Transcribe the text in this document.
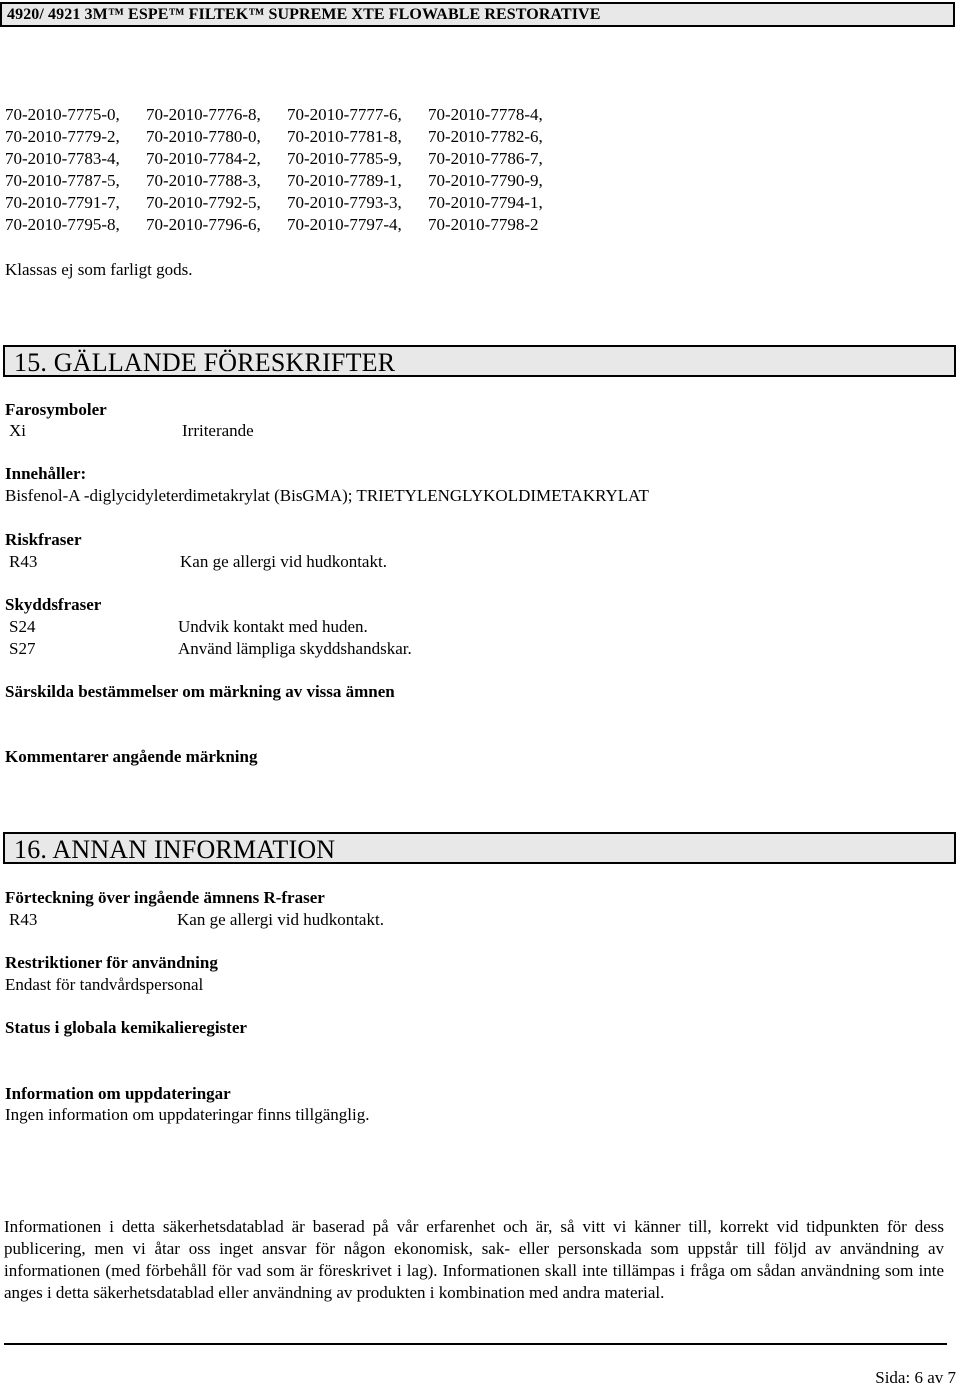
4920/ 4921 3M™ ESPE™ FILTEK™ SUPREME XTE FLOWABLE RESTORATIVE
70-2010-7775-0, 70-2010-7776-8, 70-2010-7777-6, 70-2010-7778-4,
70-2010-7779-2, 70-2010-7780-0, 70-2010-7781-8, 70-2010-7782-6,
70-2010-7783-4, 70-2010-7784-2, 70-2010-7785-9, 70-2010-7786-7,
70-2010-7787-5, 70-2010-7788-3, 70-2010-7789-1, 70-2010-7790-9,
70-2010-7791-7, 70-2010-7792-5, 70-2010-7793-3, 70-2010-7794-1,
70-2010-7795-8, 70-2010-7796-6, 70-2010-7797-4, 70-2010-7798-2
Klassas ej som farligt gods.
15. GÄLLANDE FÖRESKRIFTER
Farosymboler
Xi	Irriterande
Innehåller:
Bisfenol-A -diglycidyleterdimetakrylat (BisGMA); TRIETYLENGLYKOLDIMETAKRYLAT
Riskfraser
R43	Kan ge allergi vid hudkontakt.
Skyddsfraser
S24	Undvik kontakt med huden.
S27	Använd lämpliga skyddshandskar.
Särskilda bestämmelser om märkning av vissa ämnen
Kommentarer angående märkning
16. ANNAN INFORMATION
Förteckning över ingående ämnens R-fraser
R43	Kan ge allergi vid hudkontakt.
Restriktioner för användning
Endast för tandvårdspersonal
Status i globala kemikalieregister
Information om uppdateringar
Ingen information om uppdateringar finns tillgänglig.
Informationen i detta säkerhetsdatablad är baserad på vår erfarenhet och är, så vitt vi känner till, korrekt vid tidpunkten för dess publicering, men vi åtar oss inget ansvar för någon ekonomisk, sak- eller personskada som uppstår till följd av användning av informationen (med förbehåll för vad som är föreskrivet i lag). Informationen skall inte tillämpas i fråga om sådan användning som inte anges i detta säkerhetsdatablad eller användning av produkten i kombination med andra material.
Sida: 6 av 7
